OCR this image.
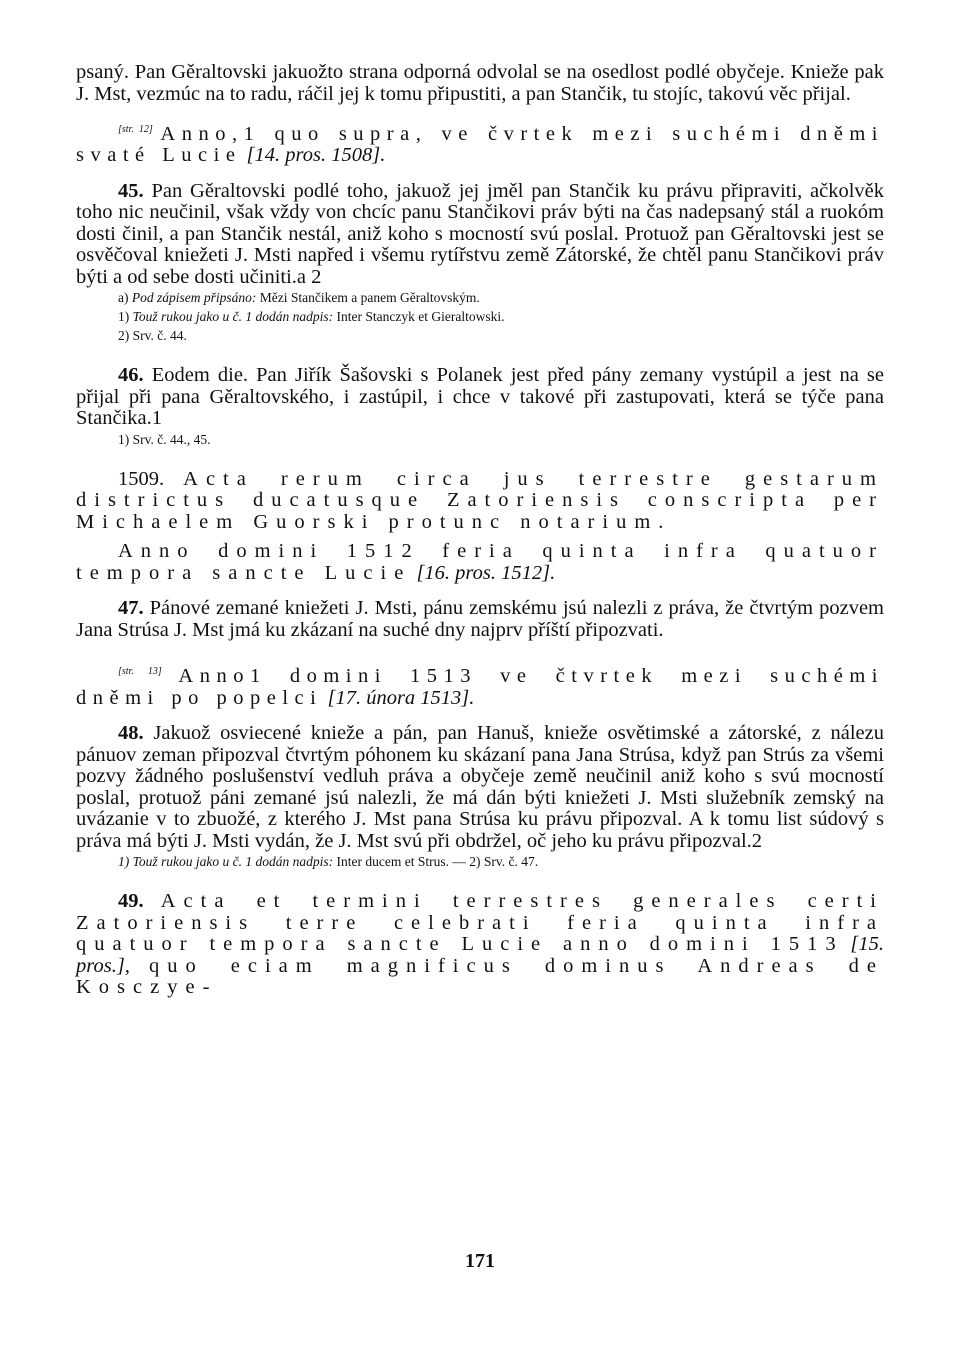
psaný. Pan Gěraltovski jakuožto strana odporná odvolal se na osedlost podlé obyčeje. Knieže pak J. Mst, vezmúc na to radu, ráčil jej k tomu připustiti, a pan Stančik, tu stojíc, takovú věc přijal.

[str. 12] Anno,1 quo supra, ve čvrtek mezi suchémi dněmi svaté Lucie [14. pros. 1508].

45. Pan Gěraltovski podlé toho, jakuož jej jměl pan Stančik ku právu připraviti, ačkolvěk toho nic neučinil, však vždy von chcíc panu Stančikovi práv býti na čas nadepsaný stál a ruokóm dosti činil, a pan Stančik nestál, aniž koho s mocností svú poslal. Protuož pan Gěraltovski jest se osvěčoval kniežeti J. Msti napřed i všemu rytířstvu země Zátorské, že chtěl panu Stančikovi práv býti a od sebe dosti učiniti.a 2

a) Pod zápisem připsáno: Mězi Stančikem a panem Gěraltovským.

1) Touž rukou jako u č. 1 dodán nadpis: Inter Stanczyk et Gieraltowski.

2) Srv. č. 44.

46. Eodem die. Pan Jiřík Šašovski s Polanek jest před pány zemany vystúpil a jest na se přijal při pana Gěraltovského, i zastúpil, i chce v takové při zastupovati, která se týče pana Stančika.1

1) Srv. č. 44., 45.

1509. Acta rerum circa jus terrestre gestarum districtus ducatusque Zatoriensis conscripta per Michaelem Guorski protunc notarium.

Anno domini 1512 feria quinta infra quatuor tempora sancte Lucie [16. pros. 1512].

47. Pánové zemané kniežeti J. Msti, pánu zemskému jsú nalezli z práva, že čtvrtým pozvem Jana Strúsa J. Mst jmá ku zkázaní na suché dny najprv příští připozvati.

[str. 13] Anno1 domini 1513 ve čtvrtek mezi suchémi dněmi po popelci [17. února 1513].

48. Jakuož osviecené knieže a pán, pan Hanuš, knieže osvětimské a zátorské, z nálezu pánuov zeman připozval čtvrtým póhonem ku skázaní pana Jana Strúsa, když pan Strús za všemi pozvy žádného poslušenství vedluh práva a obyčeje země neučinil aniž koho s svú mocností poslal, protuož páni zemané jsú nalezli, že má dán býti kniežeti J. Msti služebník zemský na uvázanie v to zbuožé, z kterého J. Mst pana Strúsa ku právu připozval. A k tomu list súdový s práva má býti J. Msti vydán, že J. Mst svú při obdržel, oč jeho ku právu připozval.2

1) Touž rukou jako u č. 1 dodán nadpis: Inter ducem et Strus. — 2) Srv. č. 47.

49. Acta et termini terrestres generales certi Zatoriensis terre celebrati feria quinta infra quatuor tempora sancte Lucie anno domini 1513 [15. pros.], quo eciam magnificus dominus Andreas de Kosczye-

171
